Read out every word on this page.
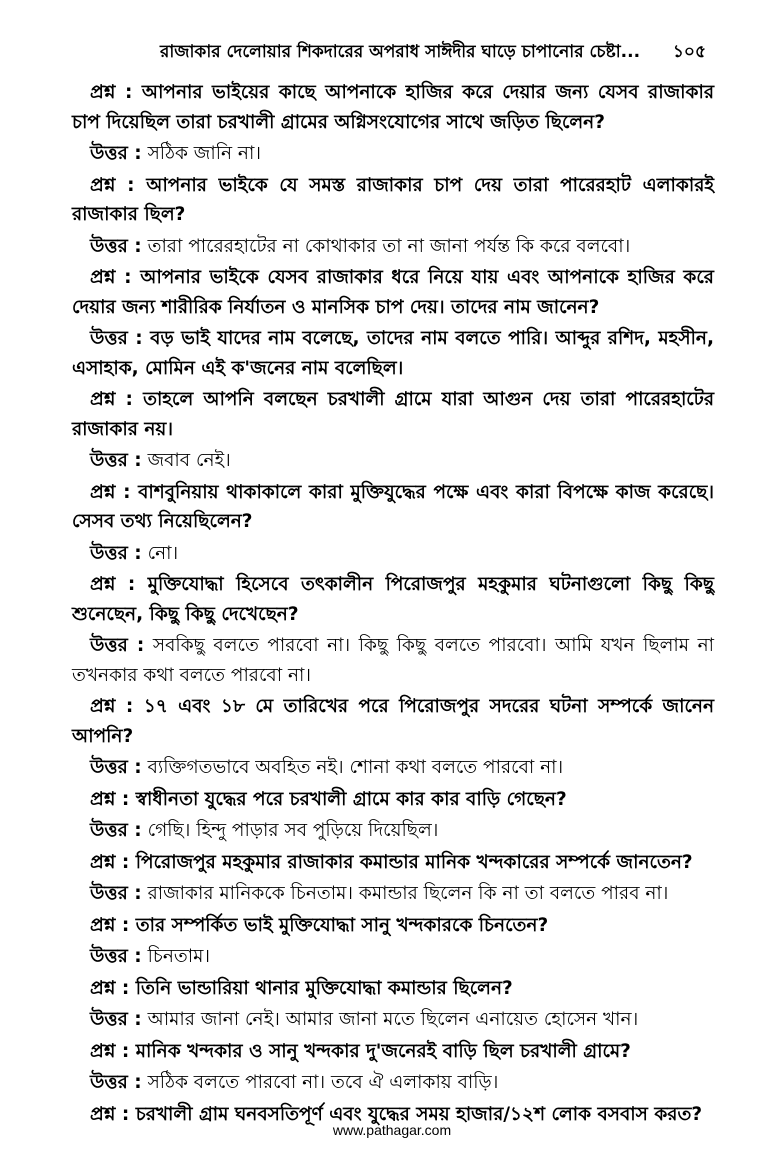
রাজাকার দেলোয়ার শিকদারের অপরাধ সাঈদীর ঘাড়ে চাপানোর চেষ্টা... ১০৫

প্রশ্ন : আপনার ভাইয়ের কাছে আপনাকে হাজির করে দেয়ার জন্য যেসব রাজাকার চাপ দিয়েছিল তারা চরখালী গ্রামের অগ্নিসংযোগের সাথে জড়িত ছিলেন?

উত্তর : সঠিক জানি না।

প্রশ্ন : আপনার ভাইকে যে সমস্ত রাজাকার চাপ দেয় তারা পারেরহাট এলাকারই রাজাকার ছিল?

উত্তর : তারা পারেরহাটের না কোথাকার তা না জানা পর্যন্ত কি করে বলবো।

প্রশ্ন : আপনার ভাইকে যেসব রাজাকার ধরে নিয়ে যায় এবং আপনাকে হাজির করে দেয়ার জন্য শারীরিক নির্যাতন ও মানসিক চাপ দেয়। তাদের নাম জানেন?

উত্তর : বড় ভাই যাদের নাম বলেছে, তাদের নাম বলতে পারি। আব্দুর রশিদ, মহসীন, এসাহাক, মোমিন এই ক'জনের নাম বলেছিল।

প্রশ্ন : তাহলে আপনি বলছেন চরখালী গ্রামে যারা আগুন দেয় তারা পারেরহাটের রাজাকার নয়।

উত্তর : জবাব নেই।

প্রশ্ন : বাশবুনিয়ায় থাকাকালে কারা মুক্তিযুদ্ধের পক্ষে এবং কারা বিপক্ষে কাজ করেছে। সেসব তথ্য নিয়েছিলেন?

উত্তর : নো।

প্রশ্ন : মুক্তিযোদ্ধা হিসেবে তৎকালীন পিরোজপুর মহকুমার ঘটনাগুলো কিছু কিছু শুনেছেন, কিছু কিছু দেখেছেন?

উত্তর : সবকিছু বলতে পারবো না। কিছু কিছু বলতে পারবো। আমি যখন ছিলাম না তখনকার কথা বলতে পারবো না।

প্রশ্ন : ১৭ এবং ১৮ মে তারিখের পরে পিরোজপুর সদরের ঘটনা সম্পর্কে জানেন আপনি?

উত্তর : ব্যক্তিগতভাবে অবহিত নই। শোনা কথা বলতে পারবো না।

প্রশ্ন : স্বাধীনতা যুদ্ধের পরে চরখালী গ্রামে কার কার বাড়ি গেছেন?

উত্তর : গেছি। হিন্দু পাড়ার সব পুড়িয়ে দিয়েছিল।

প্রশ্ন : পিরোজপুর মহকুমার রাজাকার কমান্ডার মানিক খন্দকারের সম্পর্কে জানতেন?

উত্তর : রাজাকার মানিককে চিনতাম। কমান্ডার ছিলেন কি না তা বলতে পারব না।

প্রশ্ন : তার সম্পর্কিত ভাই মুক্তিযোদ্ধা সানু খন্দকারকে চিনতেন?

উত্তর : চিনতাম।

প্রশ্ন : তিনি ভান্ডারিয়া থানার মুক্তিযোদ্ধা কমান্ডার ছিলেন?

উত্তর : আমার জানা নেই। আমার জানা মতে ছিলেন এনায়েত হোসেন খান।

প্রশ্ন : মানিক খন্দকার ও সানু খন্দকার দু'জনেরই বাড়ি ছিল চরখালী গ্রামে?

উত্তর : সঠিক বলতে পারবো না। তবে ঐ এলাকায় বাড়ি।

প্রশ্ন : চরখালী গ্রাম ঘনবসতিপূর্ণ এবং যুদ্ধের সময় হাজার/১২শ লোক বসবাস করত?

www.pathagar.com
